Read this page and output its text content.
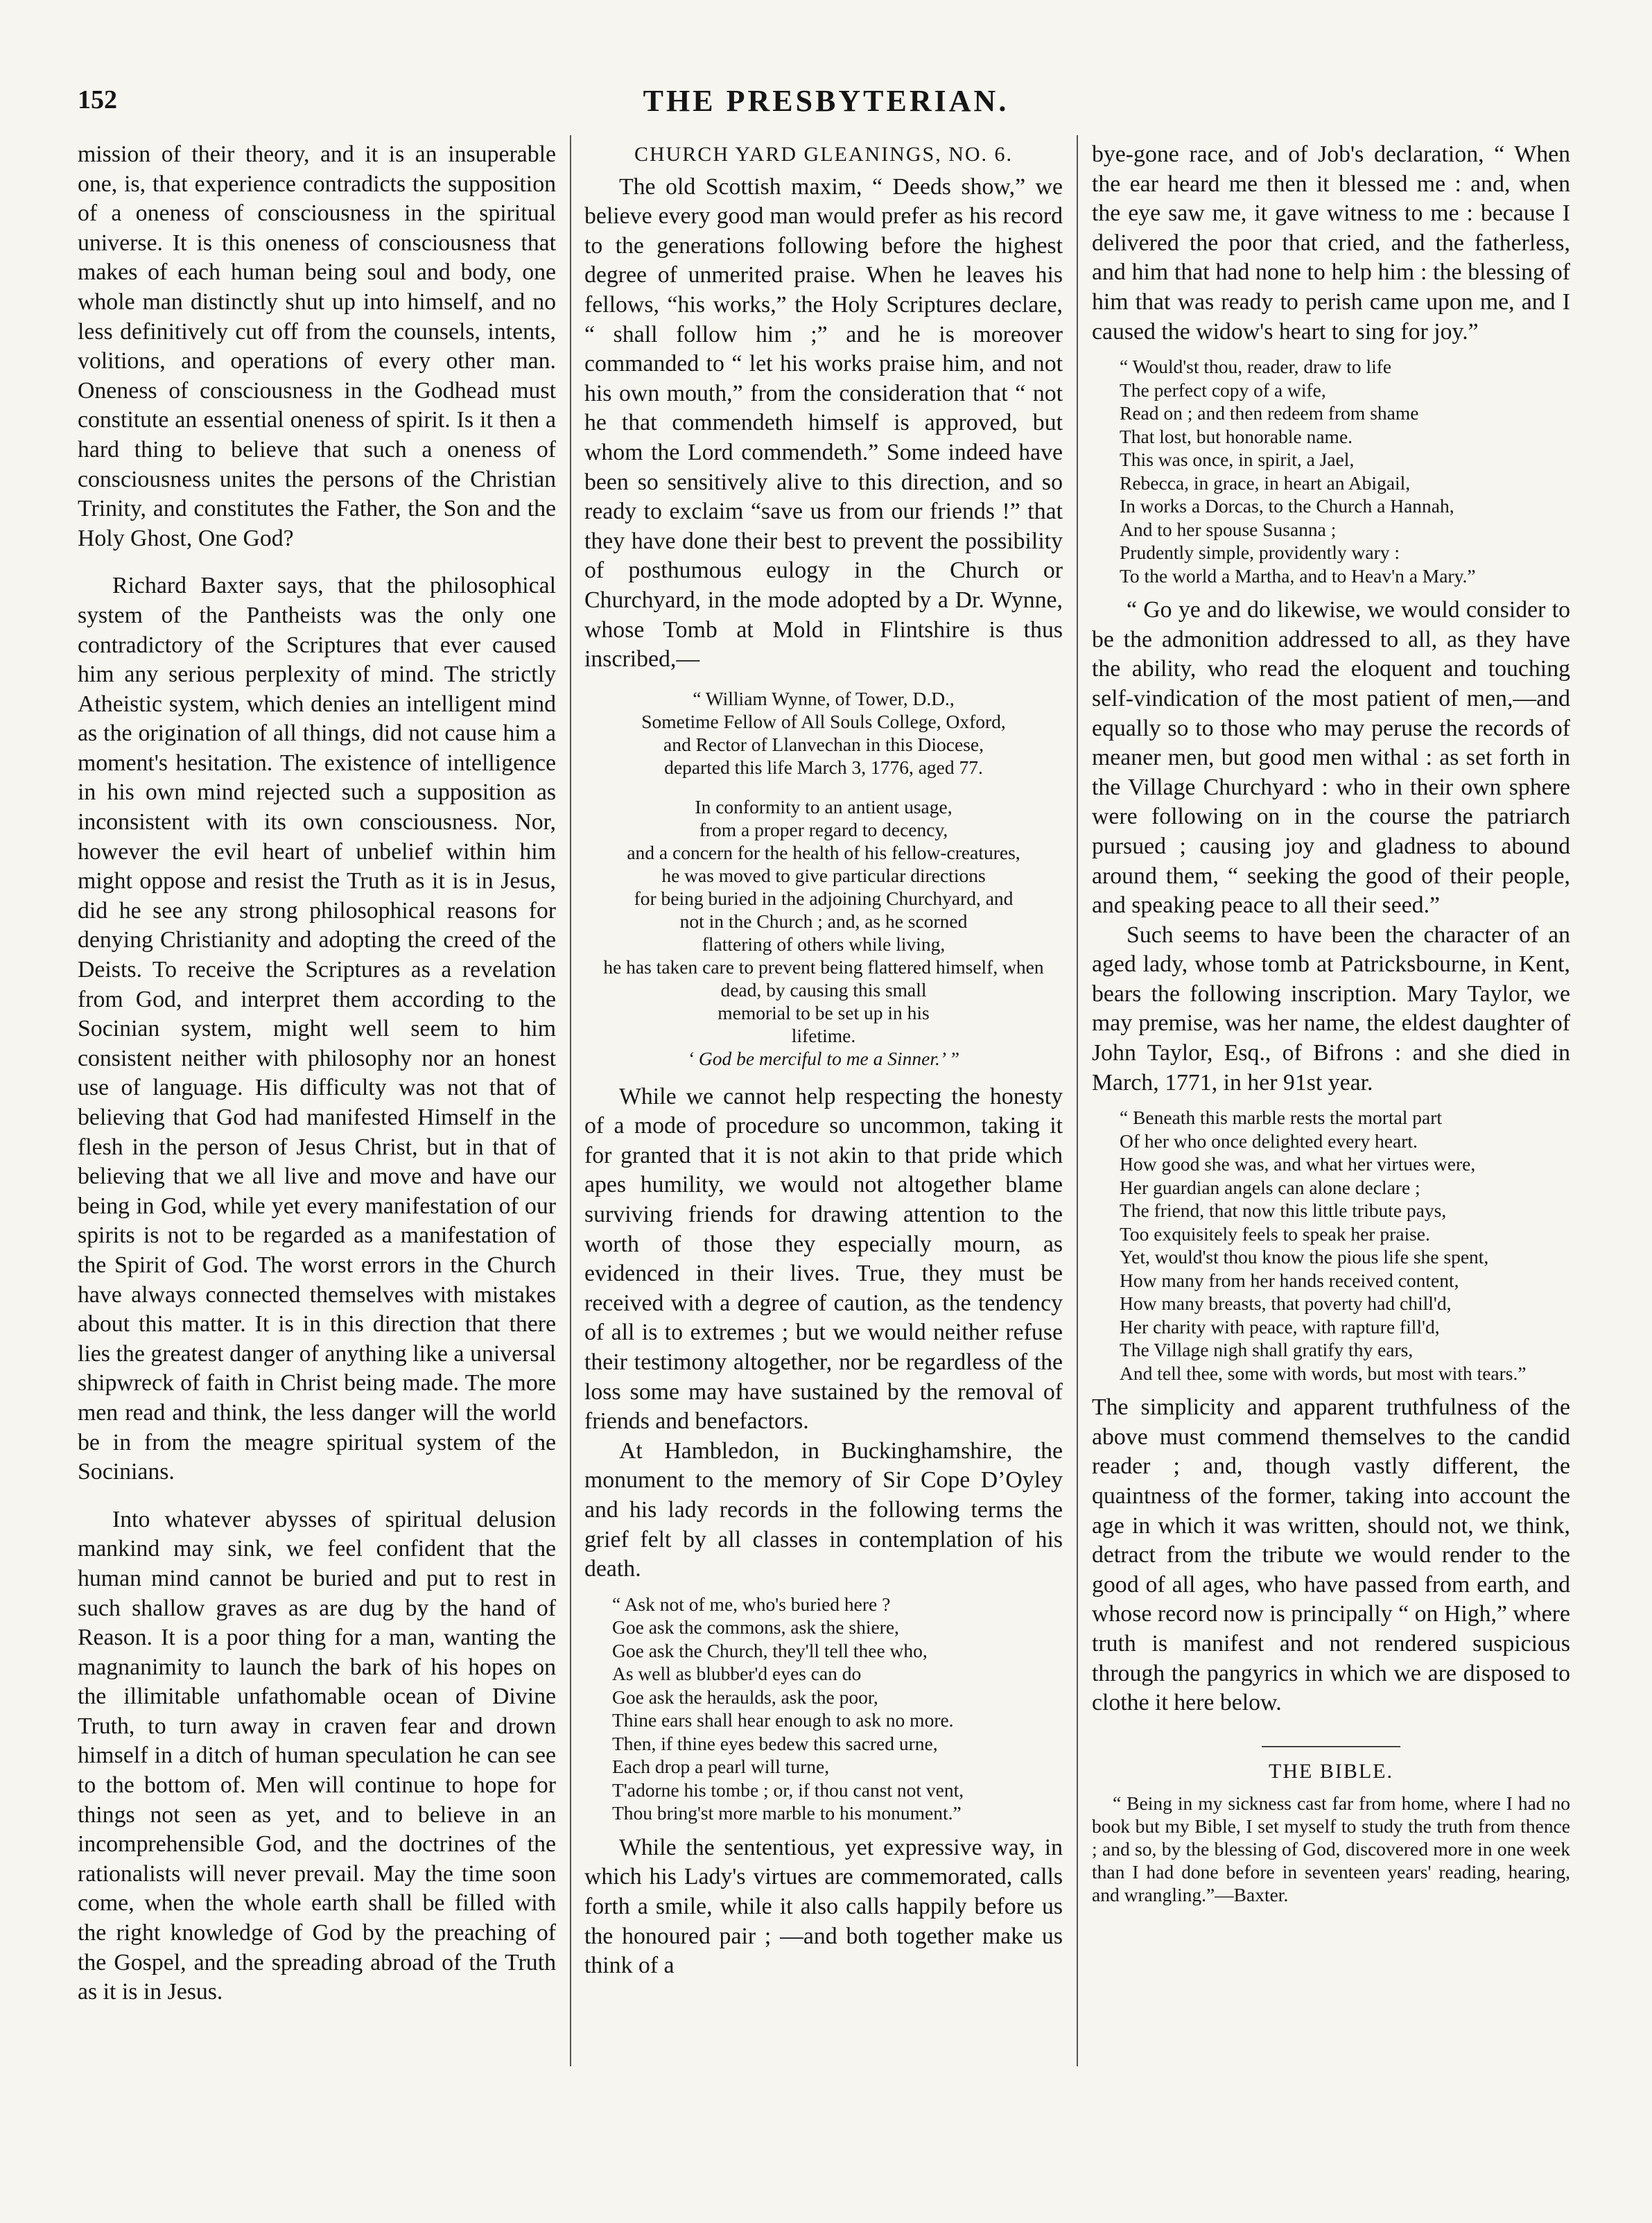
152	THE PRESBYTERIAN.

mission of their theory, and it is an insuperable one, is, that experience contradicts the supposition of a oneness of consciousness in the spiritual universe. It is this oneness of consciousness that makes of each human being soul and body, one whole man distinctly shut up into himself, and no less definitively cut off from the counsels, intents, volitions, and operations of every other man. Oneness of consciousness in the Godhead must constitute an essential oneness of spirit. Is it then a hard thing to believe that such a oneness of consciousness unites the persons of the Christian Trinity, and constitutes the Father, the Son and the Holy Ghost, One God?

Richard Baxter says, that the philosophical system of the Pantheists was the only one contradictory of the Scriptures that ever caused him any serious perplexity of mind. The strictly Atheistic system, which denies an intelligent mind as the origination of all things, did not cause him a moment's hesitation. The existence of intelligence in his own mind rejected such a supposition as inconsistent with its own consciousness. Nor, however the evil heart of unbelief within him might oppose and resist the Truth as it is in Jesus, did he see any strong philosophical reasons for denying Christianity and adopting the creed of the Deists. To receive the Scriptures as a revelation from God, and interpret them according to the Socinian system, might well seem to him consistent neither with philosophy nor an honest use of language. His difficulty was not that of believing that God had manifested Himself in the flesh in the person of Jesus Christ, but in that of believing that we all live and move and have our being in God, while yet every manifestation of our spirits is not to be regarded as a manifestation of the Spirit of God. The worst errors in the Church have always connected themselves with mistakes about this matter. It is in this direction that there lies the greatest danger of anything like a universal shipwreck of faith in Christ being made. The more men read and think, the less danger will the world be in from the meagre spiritual system of the Socinians.

Into whatever abysses of spiritual delusion mankind may sink, we feel confident that the human mind cannot be buried and put to rest in such shallow graves as are dug by the hand of Reason. It is a poor thing for a man, wanting the magnanimity to launch the bark of his hopes on the illimitable unfathomable ocean of Divine Truth, to turn away in craven fear and drown himself in a ditch of human speculation he can see to the bottom of. Men will continue to hope for things not seen as yet, and to believe in an incomprehensible God, and the doctrines of the rationalists will never prevail. May the time soon come, when the whole earth shall be filled with the right knowledge of God by the preaching of the Gospel, and the spreading abroad of the Truth as it is in Jesus.

CHURCH YARD GLEANINGS, NO. 6.

The old Scottish maxim, “ Deeds show,” we believe every good man would prefer as his record to the generations following before the highest degree of unmerited praise. When he leaves his fellows, “his works,” the Holy Scriptures declare, “ shall follow him ;” and he is moreover commanded to “ let his works praise him, and not his own mouth,” from the consideration that “ not he that commendeth himself is approved, but whom the Lord commendeth.” Some indeed have been so sensitively alive to this direction, and so ready to exclaim “save us from our friends !” that they have done their best to prevent the possibility of posthumous eulogy in the Church or Churchyard, in the mode adopted by a Dr. Wynne, whose Tomb at Mold in Flintshire is thus inscribed,—

“ William Wynne, of Tower, D.D.,
Sometime Fellow of All Souls College, Oxford,
and Rector of Llanvechan in this Diocese,
departed this life March 3, 1776, aged 77.
In conformity to an antient usage,
from a proper regard to decency,
and a concern for the health of his fellow-creatures,
he was moved to give particular directions
for being buried in the adjoining Churchyard, and
not in the Church ; and, as he scorned
flattering of others while living,
he has taken care to prevent being flattered himself, when dead, by causing this small
memorial to be set up in his
lifetime.
‘ God be merciful to me a Sinner.’ ”

While we cannot help respecting the honesty of a mode of procedure so uncommon, taking it for granted that it is not akin to that pride which apes humility, we would not altogether blame surviving friends for drawing attention to the worth of those they especially mourn, as evidenced in their lives. True, they must be received with a degree of caution, as the tendency of all is to extremes ; but we would neither refuse their testimony altogether, nor be regardless of the loss some may have sustained by the removal of friends and benefactors.

At Hambledon, in Buckinghamshire, the monument to the memory of Sir Cope D’Oyley and his lady records in the following terms the grief felt by all classes in contemplation of his death.

“ Ask not of me, who's buried here ?
Goe ask the commons, ask the shiere,
Goe ask the Church, they'll tell thee who,
As well as blubber'd eyes can do
Goe ask the heraulds, ask the poor,
Thine ears shall hear enough to ask no more.
Then, if thine eyes bedew this sacred urne,
Each drop a pearl will turne,
T'adorne his tombe ; or, if thou canst not vent,
Thou bring'st more marble to his monument.”

While the sententious, yet expressive way, in which his Lady's virtues are commemorated, calls forth a smile, while it also calls happily before us the honoured pair ; —and both together make us think of a

bye-gone race, and of Job's declaration, “ When the ear heard me then it blessed me : and, when the eye saw me, it gave witness to me : because I delivered the poor that cried, and the fatherless, and him that had none to help him : the blessing of him that was ready to perish came upon me, and I caused the widow's heart to sing for joy.”

“ Would'st thou, reader, draw to life
The perfect copy of a wife,
Read on ; and then redeem from shame
That lost, but honorable name.
This was once, in spirit, a Jael,
Rebecca, in grace, in heart an Abigail,
In works a Dorcas, to the Church a Hannah,
And to her spouse Susanna ;
Prudently simple, providently wary :
To the world a Martha, and to Heav'n a Mary.”

“ Go ye and do likewise, we would consider to be the admonition addressed to all, as they have the ability, who read the eloquent and touching self-vindication of the most patient of men,—and equally so to those who may peruse the records of meaner men, but good men withal : as set forth in the Village Churchyard : who in their own sphere were following on in the course the patriarch pursued ; causing joy and gladness to abound around them, “ seeking the good of their people, and speaking peace to all their seed.”

Such seems to have been the character of an aged lady, whose tomb at Patricksbourne, in Kent, bears the following inscription. Mary Taylor, we may premise, was her name, the eldest daughter of John Taylor, Esq., of Bifrons : and she died in March, 1771, in her 91st year.

“ Beneath this marble rests the mortal part
Of her who once delighted every heart.
How good she was, and what her virtues were,
Her guardian angels can alone declare ;
The friend, that now this little tribute pays,
Too exquisitely feels to speak her praise.
Yet, would'st thou know the pious life she spent,
How many from her hands received content,
How many breasts, that poverty had chill'd,
Her charity with peace, with rapture fill'd,
The Village nigh shall gratify thy ears,
And tell thee, some with words, but most with tears.”

The simplicity and apparent truthfulness of the above must commend themselves to the candid reader ; and, though vastly different, the quaintness of the former, taking into account the age in which it was written, should not, we think, detract from the tribute we would render to the good of all ages, who have passed from earth, and whose record now is principally “ on High,” where truth is manifest and not rendered suspicious through the pangyrics in which we are disposed to clothe it here below.

THE BIBLE.
“ Being in my sickness cast far from home, where I had no book but my Bible, I set myself to study the truth from thence ; and so, by the blessing of God, discovered more in one week than I had done before in seventeen years' reading, hearing, and wrangling.”—Baxter.
